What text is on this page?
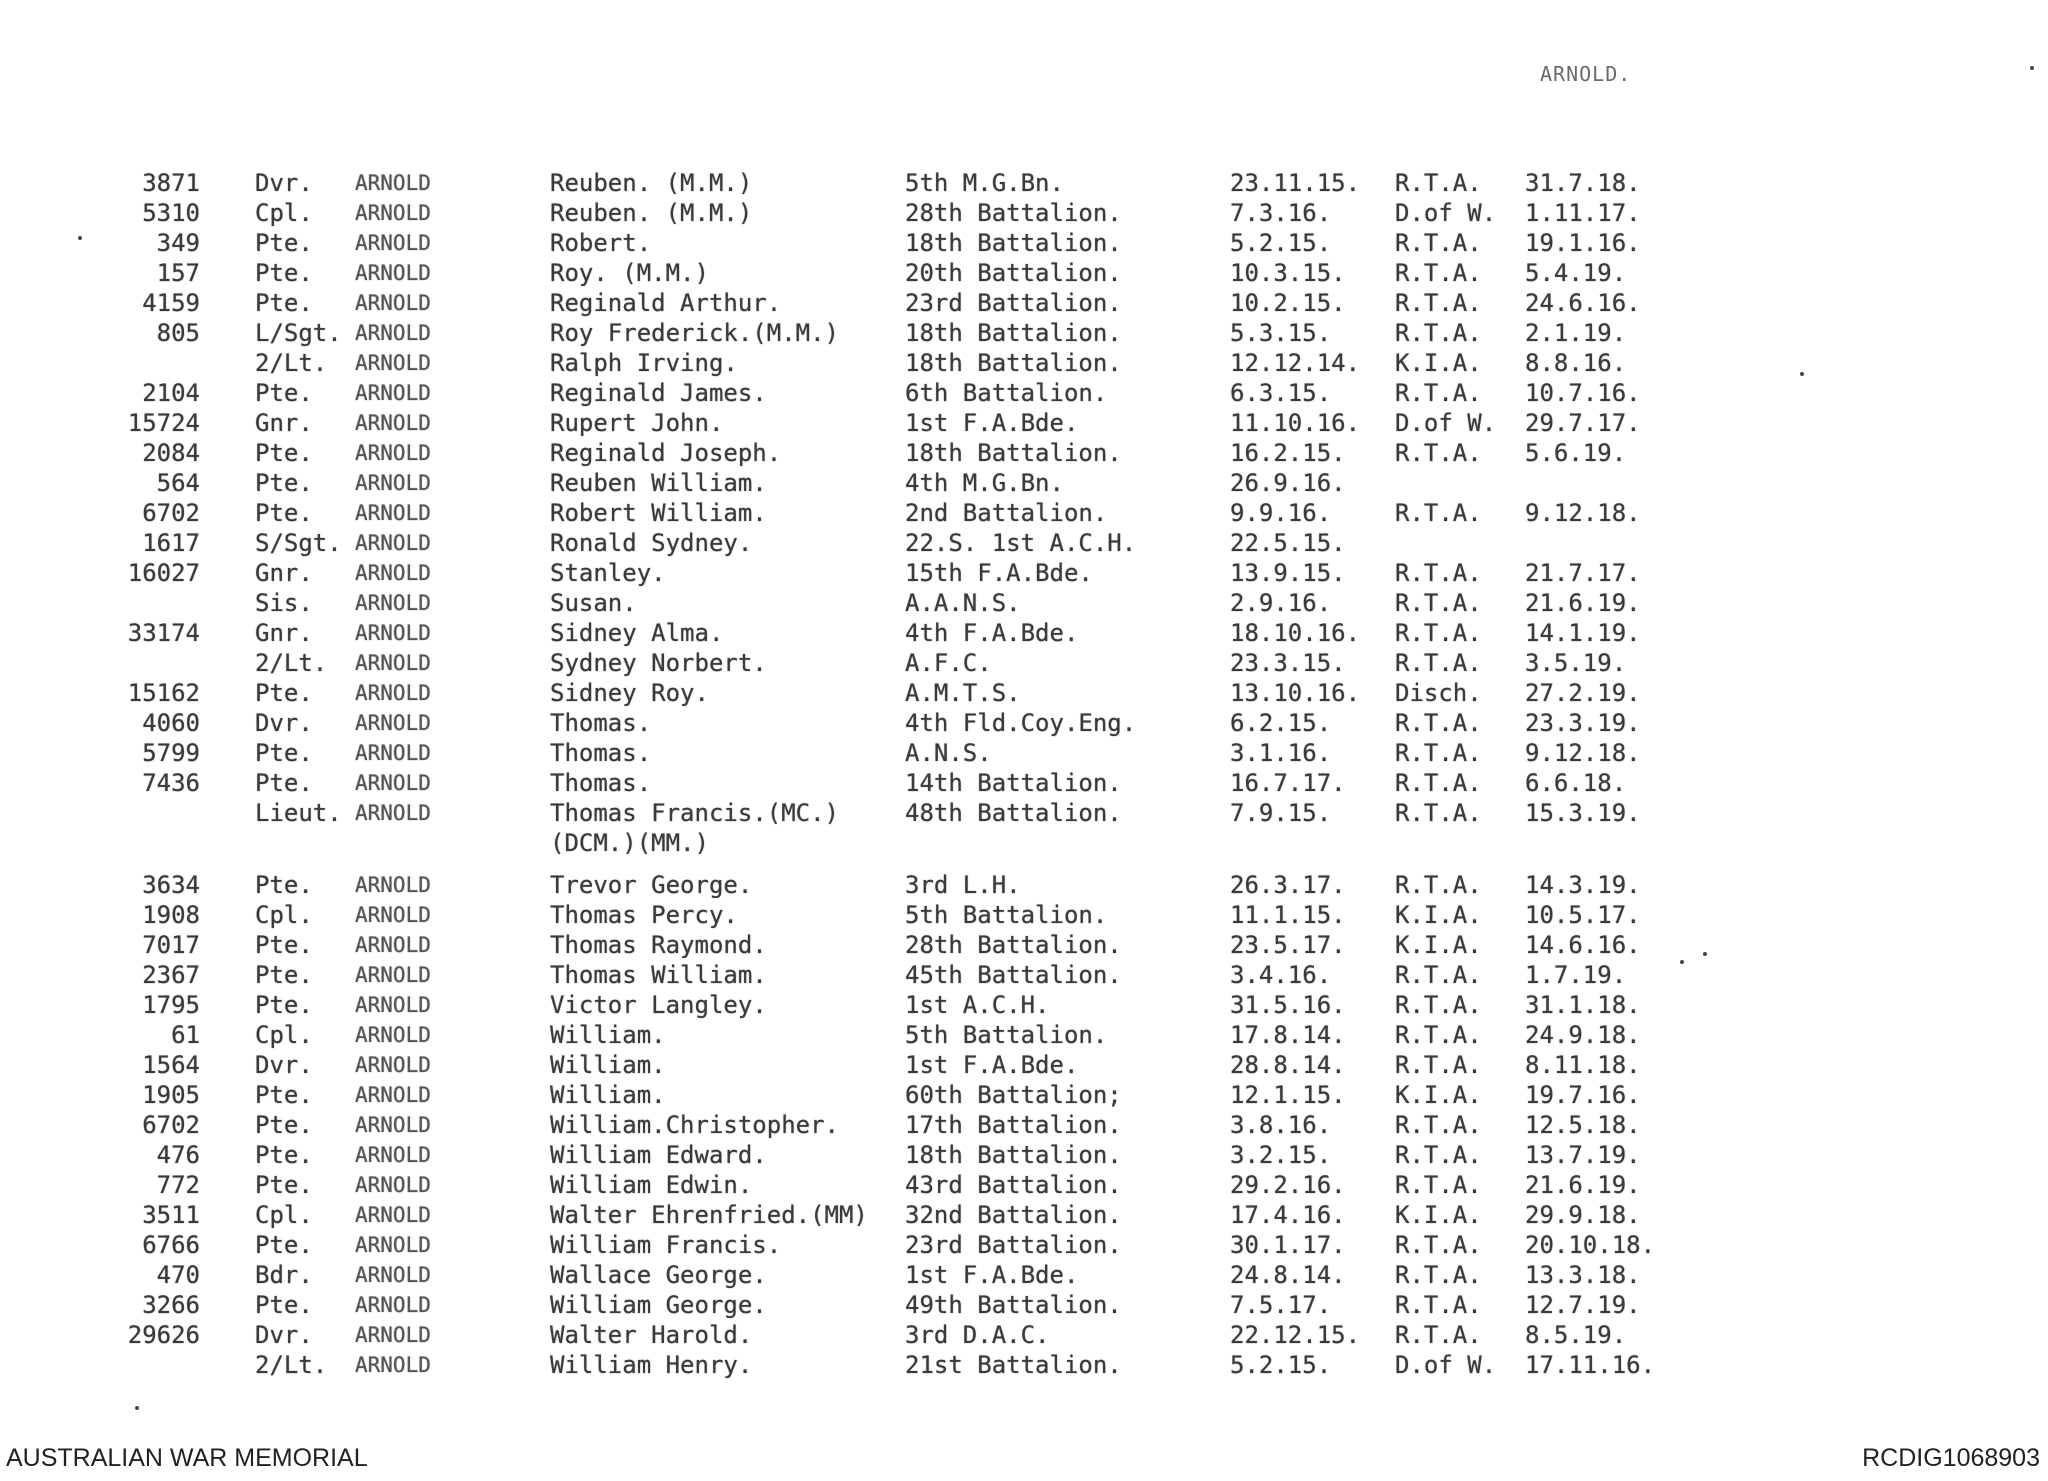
ARNOLD.
3871 Dvr. ARNOLD	Reuben. (M.M.)	5th M.G.Bn.	23.11.15. R.T.A. 31.7.18.
5310 Cpl. ARNOLD	Reuben. (M.M.)	28th Battalion.	7.3.16.	D.of W. 1.11.17.
349 Pte. ARNOLD	Robert.	18th Battalion.	5.2.15.	R.T.A. 19.1.16.
157 Pte. ARNOLD	Roy. (M.M.)	20th Battalion.	10.3.15. R.T.A. 5.4.19.
4159 Pte. ARNOLD	Reginald Arthur.	23rd Battalion.	10.2.15. R.T.A. 24.6.16.
805 L/Sgt. ARNOLD	Roy Frederick.(M.M.)	18th Battalion.	5.3.15.	R.T.A. 2.1.19.
2/Lt. ARNOLD	Ralph Irving.	18th Battalion.	12.12.14. K.I.A. 8.8.16.
2104 Pte. ARNOLD	Reginald James.	6th Battalion.	6.3.15.	R.T.A. 10.7.16.
15724 Gnr. ARNOLD	Rupert John.	1st F.A.Bde.	11.10.16. D.of W. 29.7.17.
2084 Pte. ARNOLD	Reginald Joseph.	18th Battalion.	16.2.15. R.T.A. 5.6.19.
564 Pte. ARNOLD	Reuben William.	4th M.G.Bn.	26.9.16.
6702 Pte. ARNOLD	Robert William.	2nd Battalion.	9.9.16.	R.T.A. 9.12.18.
1617 S/Sgt. ARNOLD	Ronald Sydney.	22.S. 1st A.C.H.	22.5.15.
16027 Gnr. ARNOLD	Stanley.	15th F.A.Bde.	13.9.15. R.T.A. 21.7.17.
Sis. ARNOLD	Susan.	A.A.N.S.	2.9.16.	R.T.A. 21.6.19.
33174 Gnr. ARNOLD	Sidney Alma.	4th F.A.Bde.	18.10.16. R.T.A. 14.1.19.
2/Lt. ARNOLD	Sydney Norbert.	A.F.C.	23.3.15. R.T.A. 3.5.19.
15162 Pte. ARNOLD	Sidney Roy.	A.M.T.S.	13.10.16. Disch. 27.2.19.
4060 Dvr. ARNOLD	Thomas.	4th Fld.Coy.Eng.	6.2.15.	R.T.A. 23.3.19.
5799 Pte. ARNOLD	Thomas.	A.N.S.	3.1.16.	R.T.A. 9.12.18.
7436 Pte. ARNOLD	Thomas.	14th Battalion.	16.7.17. R.T.A. 6.6.18.
Lieut. ARNOLD	Thomas Francis.(MC.)	48th Battalion.	7.9.15.	R.T.A. 15.3.19.
(DCM.)(MM.)
3634 Pte. ARNOLD	Trevor George.	3rd L.H.	26.3.17. R.T.A. 14.3.19.
1908 Cpl. ARNOLD	Thomas Percy.	5th Battalion.	11.1.15. K.I.A. 10.5.17.
7017 Pte. ARNOLD	Thomas Raymond.	28th Battalion.	23.5.17. K.I.A. 14.6.16.
2367 Pte. ARNOLD	Thomas William.	45th Battalion.	3.4.16.	R.T.A. 1.7.19.
1795 Pte. ARNOLD	Victor Langley.	1st A.C.H.	31.5.16. R.T.A. 31.1.18.
61 Cpl. ARNOLD	William.	5th Battalion.	17.8.14. R.T.A. 24.9.18.
1564 Dvr. ARNOLD	William.	1st F.A.Bde.	28.8.14. R.T.A. 8.11.18.
1905 Pte. ARNOLD	William.	60th Battalion;	12.1.15. K.I.A. 19.7.16.
6702 Pte. ARNOLD	William.Christopher.	17th Battalion.	3.8.16.	R.T.A. 12.5.18.
476 Pte. ARNOLD	William Edward.	18th Battalion.	3.2.15.	R.T.A. 13.7.19.
772 Pte. ARNOLD	William Edwin.	43rd Battalion.	29.2.16. R.T.A. 21.6.19.
3511 Cpl. ARNOLD	Walter Ehrenfried.(MM) 32nd Battalion.	17.4.16. K.I.A. 29.9.18.
6766 Pte. ARNOLD	William Francis.	23rd Battalion.	30.1.17. R.T.A. 20.10.18.
470 Bdr. ARNOLD	Wallace George.	1st F.A.Bde.	24.8.14. R.T.A. 13.3.18.
3266 Pte. ARNOLD	William George.	49th Battalion.	7.5.17.	R.T.A. 12.7.19.
29626 Dvr. ARNOLD	Walter Harold.	3rd D.A.C.	22.12.15. R.T.A. 8.5.19.
2/Lt. ARNOLD	William Henry.	21st Battalion.	5.2.15.	D.of W. 17.11.16.
AUSTRALIAN WAR MEMORIAL	RCDIG1068903
